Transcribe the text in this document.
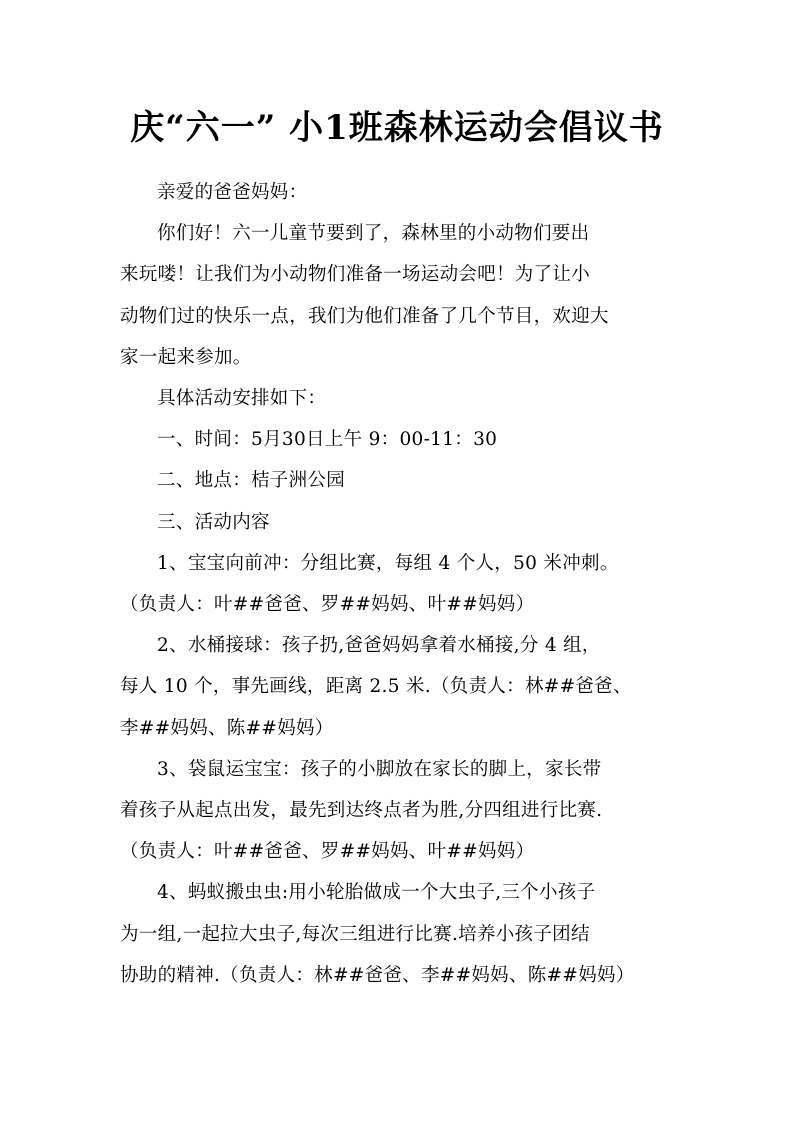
庆“六一” 小1班森林运动会倡议书

亲爱的爸爸妈妈：

你们好！六一儿童节要到了，森林里的小动物们要出

来玩喽！让我们为小动物们准备一场运动会吧！为了让小

动物们过的快乐一点，我们为他们准备了几个节目，欢迎大

家一起来参加。

具体活动安排如下：

一、时间：5月30日上午 9：00-11：30

二、地点：桔子洲公园

三、活动内容

1、宝宝向前冲：分组比赛，每组 4 个人，50 米冲刺。

（负责人：叶##爸爸、罗##妈妈、叶##妈妈）

2、水桶接球：孩子扔,爸爸妈妈拿着水桶接,分 4 组，

每人 10 个，事先画线，距离 2.5 米.（负责人：林##爸爸、

李##妈妈、陈##妈妈）

3、袋鼠运宝宝：孩子的小脚放在家长的脚上，家长带

着孩子从起点出发，最先到达终点者为胜,分四组进行比赛.

（负责人：叶##爸爸、罗##妈妈、叶##妈妈）

4、蚂蚁搬虫虫:用小轮胎做成一个大虫子,三个小孩子

为一组,一起拉大虫子,每次三组进行比赛.培养小孩子团结

协助的精神.（负责人：林##爸爸、李##妈妈、陈##妈妈）
